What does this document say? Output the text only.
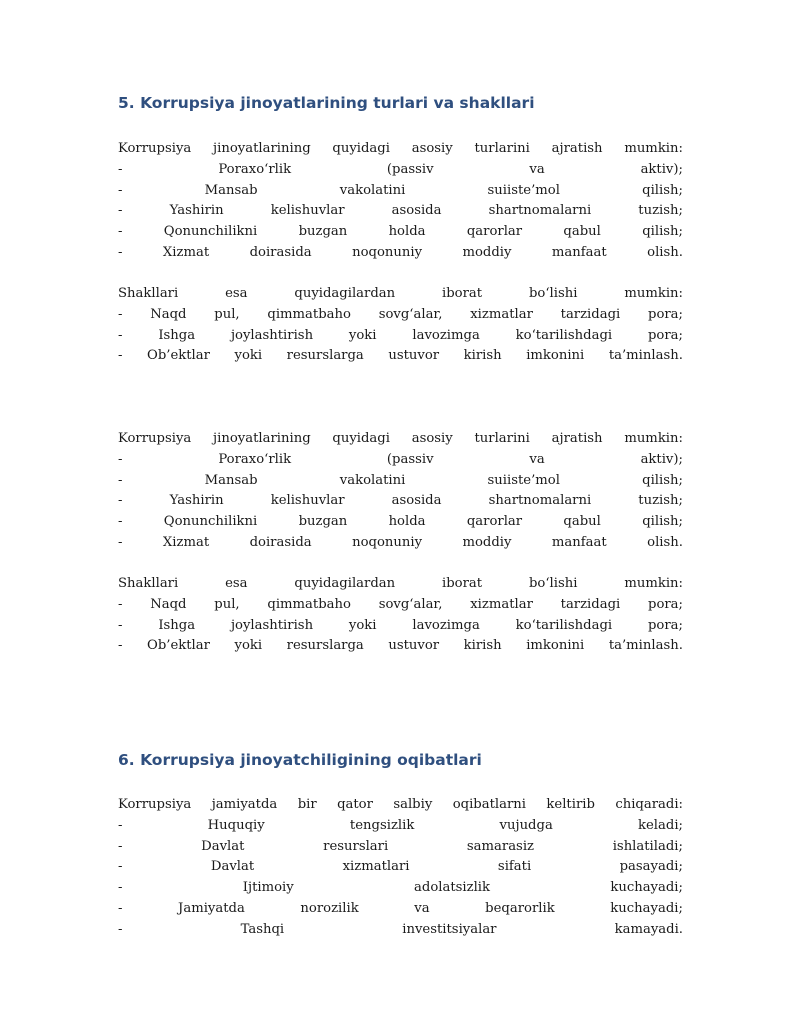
5. Korrupsiya jinoyatlarining turlari va shakllari
Korrupsiya jinoyatlarining quyidagi asosiy turlarini ajratish mumkin:
-	Poraxo‘rlik	(passiv	va	aktiv);
-	Mansab	vakolatini	suiiste’mol	qilish;
-	Yashirin	kelishuvlar	asosida	shartnomalarni	tuzish;
-	Qonunchilikni	buzgan	holda	qarorlar	qabul	qilish;
-	Xizmat	doirasida	noqonuniy	moddiy	manfaat	olish.
Shakllari	esa	quyidagilardan	iborat	bo‘lishi	mumkin:
- Naqd pul, qimmatbaho sovg‘alar, xizmatlar tarzidagi pora;
-	Ishga	joylashtirish	yoki	lavozimga	ko‘tarilishdagi	pora;
- Ob’ektlar yoki resurslarga ustuvor kirish imkonini ta’minlash.
Korrupsiya jinoyatlarining quyidagi asosiy turlarini ajratish mumkin:
-	Poraxo‘rlik	(passiv	va	aktiv);
-	Mansab	vakolatini	suiiste’mol	qilish;
-	Yashirin	kelishuvlar	asosida	shartnomalarni	tuzish;
-	Qonunchilikni	buzgan	holda	qarorlar	qabul	qilish;
-	Xizmat	doirasida	noqonuniy	moddiy	manfaat	olish.
Shakllari	esa	quyidagilardan	iborat	bo‘lishi	mumkin:
- Naqd pul, qimmatbaho sovg‘alar, xizmatlar tarzidagi pora;
-	Ishga	joylashtirish	yoki	lavozimga	ko‘tarilishdagi	pora;
- Ob’ektlar yoki resurslarga ustuvor kirish imkonini ta’minlash.
6. Korrupsiya jinoyatchiligining oqibatlari
Korrupsiya jamiyatda bir qator salbiy oqibatlarni keltirib chiqaradi:
-	Huquqiy	tengsizlik	vujudga	keladi;
-	Davlat	resurslari	samarasiz	ishlatiladi;
-	Davlat	xizmatlari	sifati	pasayadi;
-	Ijtimoiy	adolatsizlik	kuchayadi;
-	Jamiyatda	norozilik	va	beqarorlik	kuchayadi;
-	Tashqi	investitsiyalar	kamayadi.
